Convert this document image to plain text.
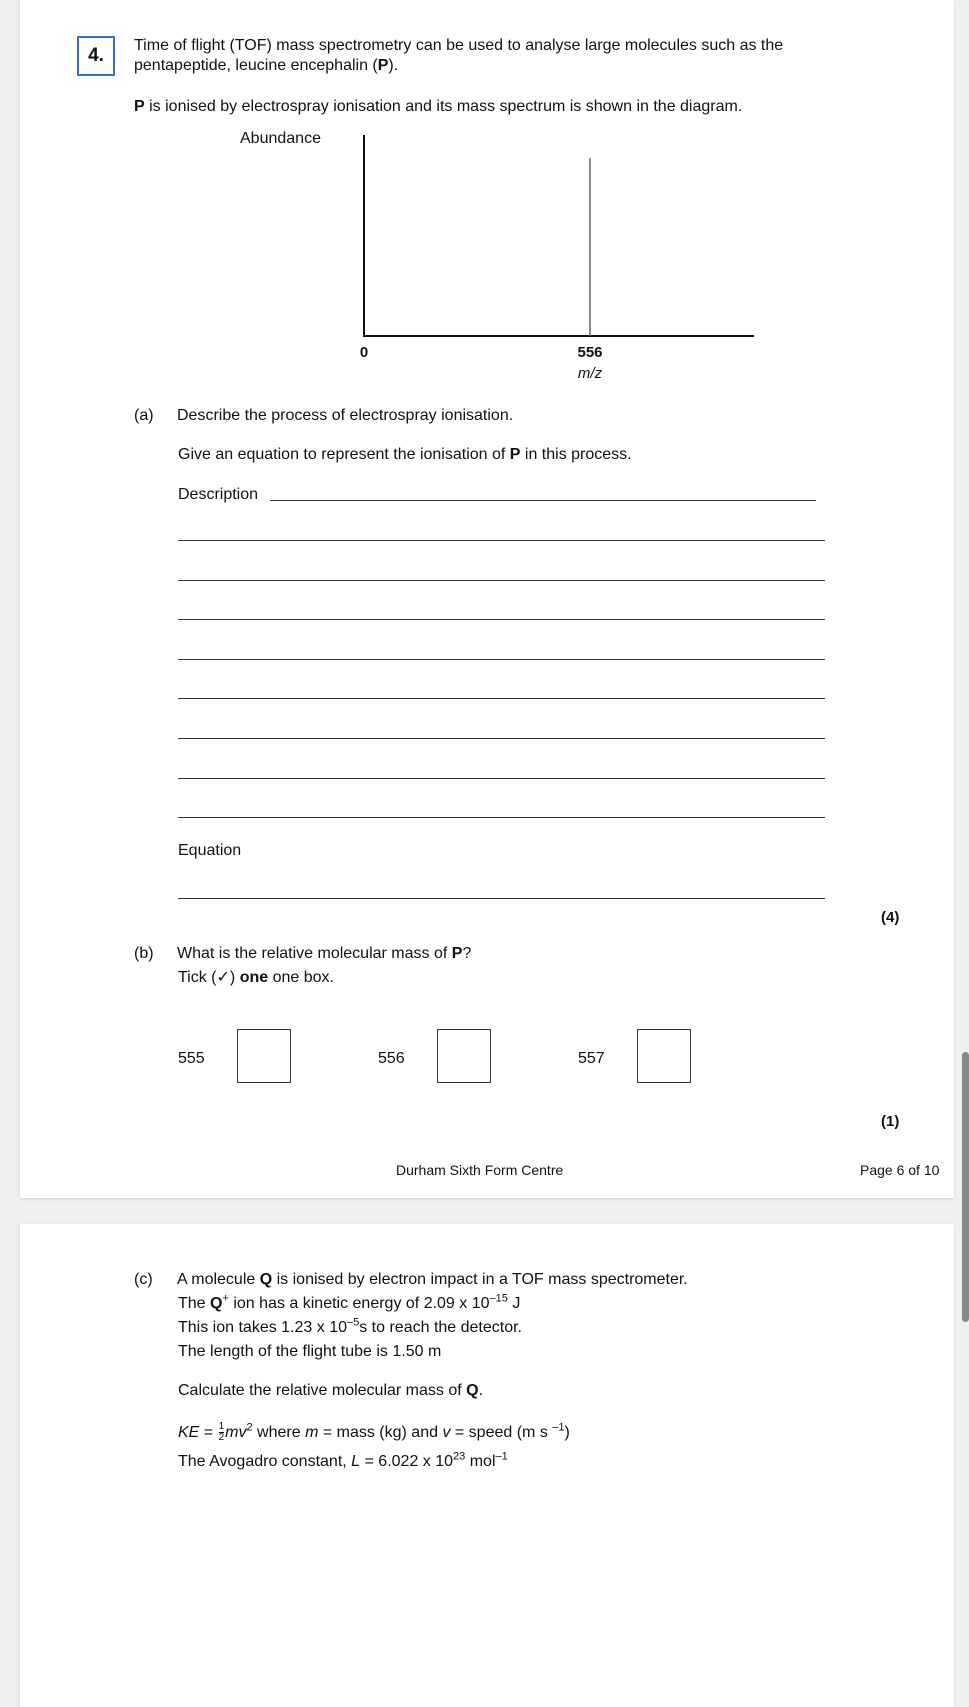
4. Time of flight (TOF) mass spectrometry can be used to analyse large molecules such as the
pentapeptide, leucine encephalin (P).
P is ionised by electrospray ionisation and its mass spectrum is shown in the diagram.
Abundance
0	556
m/z
(a) Describe the process of electrospray ionisation.
Give an equation to represent the ionisation of P in this process.
Description
Equation
(4)
(b) What is the relative molecular mass of P?
Tick (✓) one one box.
555	556	557
(1)
Durham Sixth Form Centre	Page 6 of 10
(c) A molecule Q is ionised by electron impact in a TOF mass spectrometer.
The Q+ ion has a kinetic energy of 2.09 x $10^{-15}$ J
This ion takes 1.23 x $10^{-5}s$ to reach the detector.
The length of the flight tube is 1.50 m
Calculate the relative molecular mass of Q.
KE = $\frac{1}{2} mv^2$ where m = mass (kg) and v = speed (m s $^{-1}$)
The Avogadro constant, L = 6.022 x $10^{23}$ mol$^{-1}$
